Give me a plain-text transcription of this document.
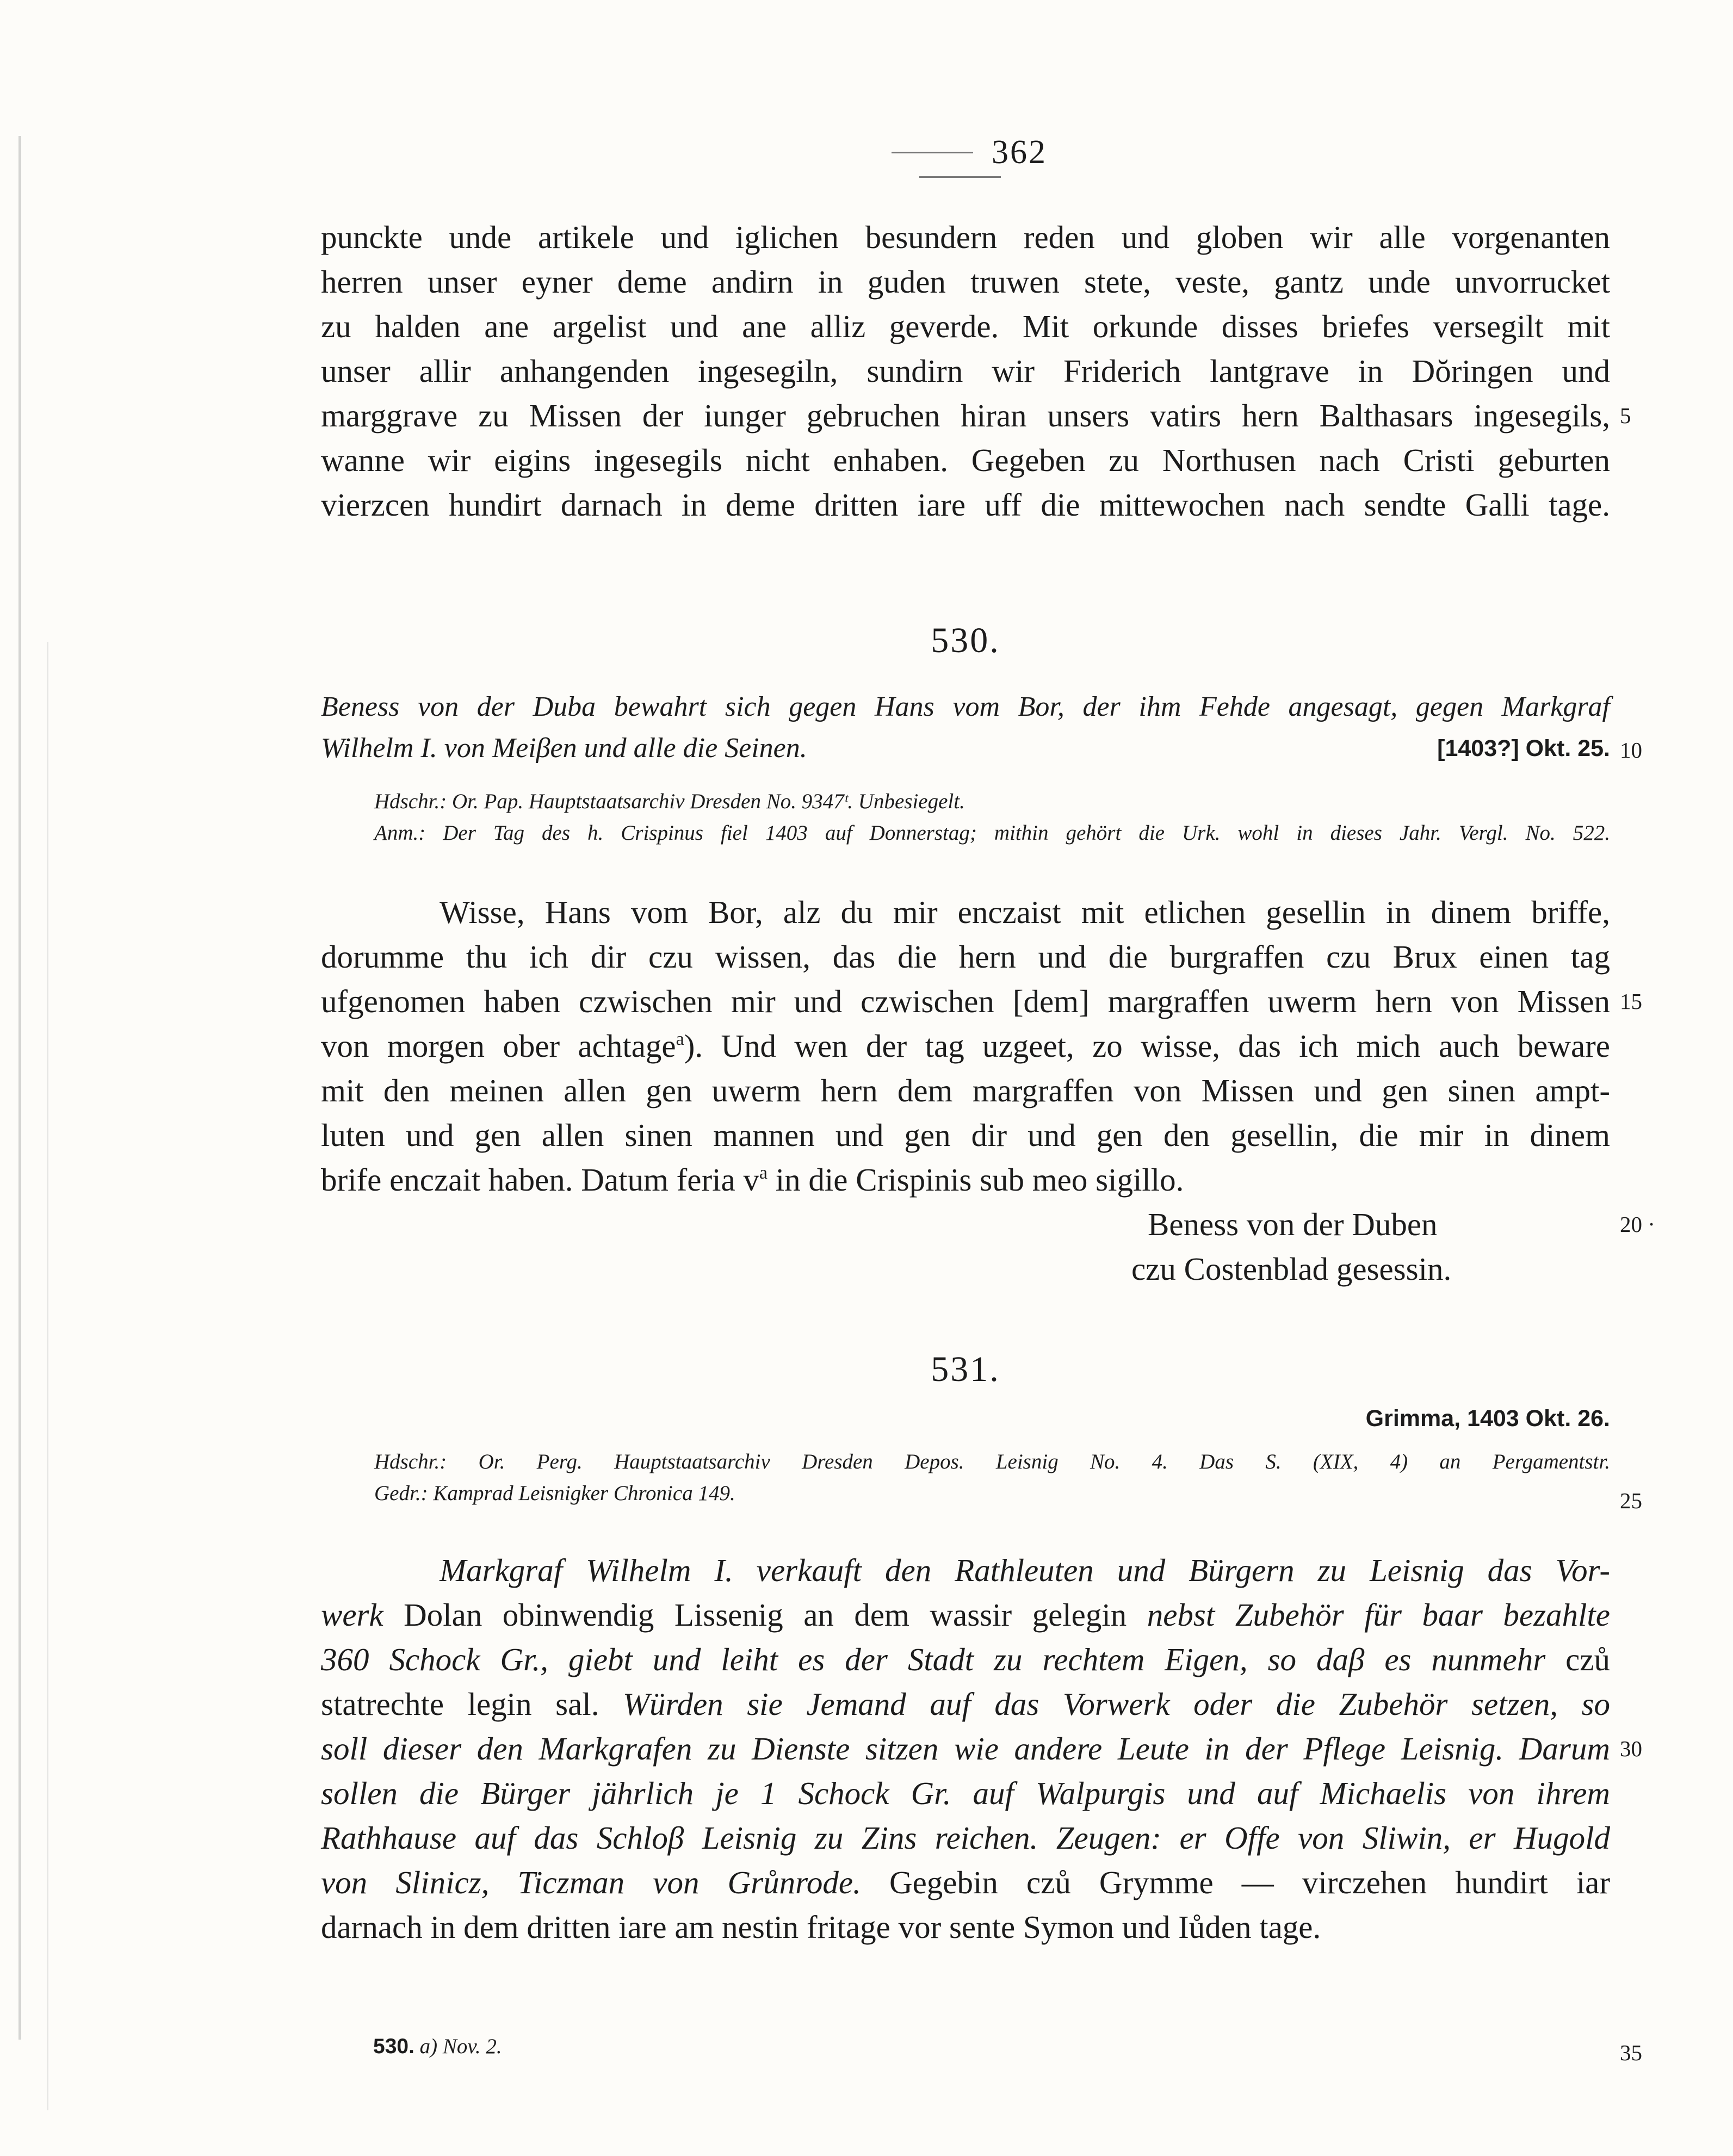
362
punckte unde artikele und iglichen besundern reden und globen wir alle vorgenanten
herren unser eyner deme andirn in guden truwen stete, veste, gantz unde unvorrucket
zu halden ane argelist und ane alliz geverde. Mit orkunde disses briefes versegilt mit
unser allir anhangenden ingesegiln, sundirn wir Friderich lantgrave in Dŏringen und
marggrave zu Missen der iunger gebruchen hiran unsers vatirs hern Balthasars ingesegils,
wanne wir eigins ingesegils nicht enhaben. Gegeben zu Northusen nach Cristi geburten
vierzcen hundirt darnach in deme dritten iare uff die mittewochen nach sendte Galli tage.
530.
Beness von der Duba bewahrt sich gegen Hans vom Bor, der ihm Fehde angesagt, gegen Markgraf
Wilhelm I. von Meiβen und alle die Seinen.	[1403?] Okt. 25.
Hdschr.: Or. Pap. Hauptstaatsarchiv Dresden No. 9347ᵗ. Unbesiegelt.
Anm.: Der Tag des h. Crispinus fiel 1403 auf Donnerstag; mithin gehört die Urk. wohl in dieses Jahr. Vergl. No. 522.
Wisse, Hans vom Bor, alz du mir enczaist mit etlichen gesellin in dinem briffe,
dorumme thu ich dir czu wissen, das die hern und die burgraffen czu Brux einen tag
ufgenomen haben czwischen mir und czwischen [dem] margraffen uwerm hern von Missen
von morgen ober achtage$^a$). Und wen der tag uzgeet, zo wisse, das ich mich auch beware
mit den meinen allen gen uwerm hern dem margraffen von Missen und gen sinen ampt-
luten und gen allen sinen mannen und gen dir und gen den gesellin, die mir in dinem
brife enczait haben. Datum feria $v^a$ in die Crispinis sub meo sigillo.
Beness von der Duben
czu Costenblad gesessin.
531.
Grimma, 1403 Okt. 26.
Hdschr.: Or. Perg. Hauptstaatsarchiv Dresden Depos. Leisnig No. 4. Das S. (XIX, 4) an Pergamentstr.
Gedr.: Kamprad Leisnigker Chronica 149.
Markgraf Wilhelm I. verkauft den Rathleuten und Bürgern zu Leisnig das Vor-
werk Dolan obinwendig Lissenig an dem wassir gelegin nebst Zubehör für baar bezahlte
360 Schock Gr., giebt und leiht es der Stadt zu rechtem Eigen, so daβ es nunmehr czů
statrechte legin sal. Würden sie Jemand auf das Vorwerk oder die Zubehör setzen, so
soll dieser den Markgrafen zu Dienste sitzen wie andere Leute in der Pflege Leisnig. Darum
sollen die Bürger jährlich je 1 Schock Gr. auf Walpurgis und auf Michaelis von ihrem
Rathhause auf das Schloβ Leisnig zu Zins reichen. Zeugen: er Offe von Sliwin, er Hugold
von Slinicz, Ticzman von Grůnrode. Gegebin czů Grymme — virczehen hundirt iar
darnach in dem dritten iare am nestin fritage vor sente Symon und Iůden tage.
5
10
15
20 ·
25
30
35
530. a) Nov. 2.
